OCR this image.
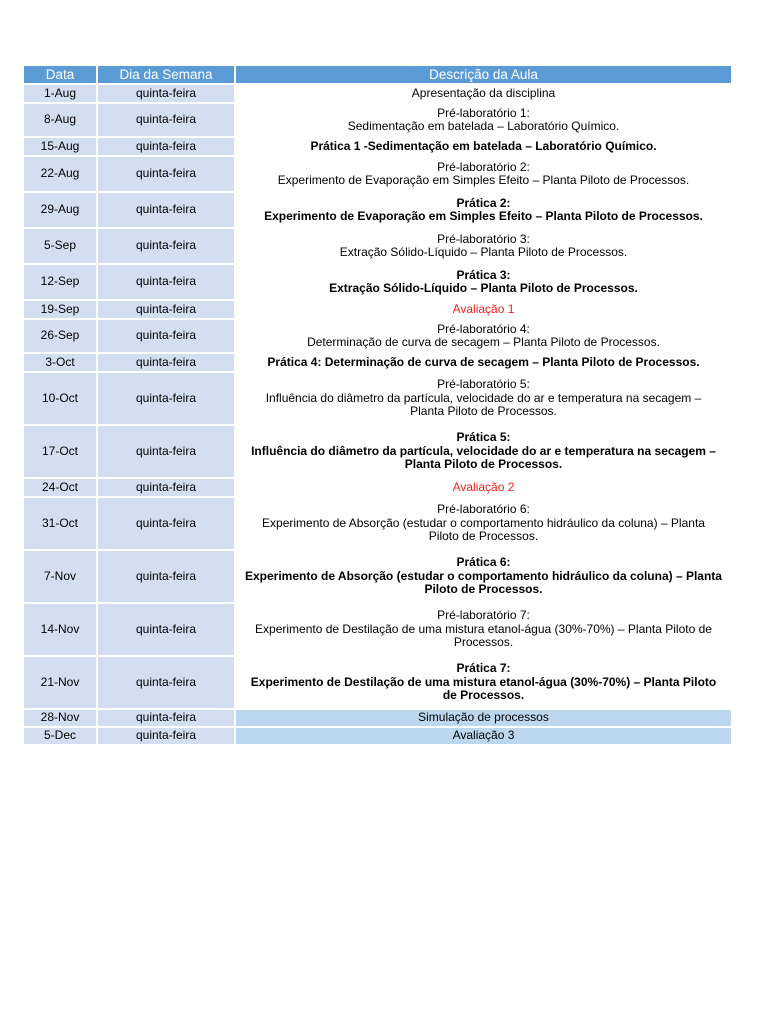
Data	Dia da Semana	Descrição da Aula
1-Aug	quinta-feira	Apresentação da disciplina

8-Aug	quinta-feira	Pré-laboratório 1:
Sedimentação em batelada – Laboratório Químico.

15-Aug	quinta-feira	Prática 1 -Sedimentação em batelada – Laboratório Químico.

22-Aug	quinta-feira	Pré-laboratório 2:
Experimento de Evaporação em Simples Efeito – Planta Piloto de Processos.

29-Aug	quinta-feira	Prática 2:
Experimento de Evaporação em Simples Efeito – Planta Piloto de Processos.

5-Sep	quinta-feira	Pré-laboratório 3:
Extração Sólido-Líquido – Planta Piloto de Processos.

12-Sep	quinta-feira	Prática 3:
Extração Sólido-Líquido – Planta Piloto de Processos.

19-Sep	quinta-feira	Avaliação 1

26-Sep	quinta-feira	Pré-laboratório 4:
Determinação de curva de secagem – Planta Piloto de Processos.

3-Oct	quinta-feira	Prática 4: Determinação de curva de secagem – Planta Piloto de Processos.

10-Oct	quinta-feira	Pré-laboratório 5:
Influência do diâmetro da partícula, velocidade do ar e temperatura na secagem –
Planta Piloto de Processos.

17-Oct	quinta-feira	Prática 5:
Influência do diâmetro da partícula, velocidade do ar e temperatura na secagem –
Planta Piloto de Processos.

24-Oct	quinta-feira	Avaliação 2

31-Oct	quinta-feira	Pré-laboratório 6:
Experimento de Absorção (estudar o comportamento hidráulico da coluna) – Planta
Piloto de Processos.

7-Nov	quinta-feira	Prática 6:
Experimento de Absorção (estudar o comportamento hidráulico da coluna) – Planta
Piloto de Processos.

14-Nov	quinta-feira	Pré-laboratório 7:
Experimento de Destilação de uma mistura etanol-água (30%-70%) – Planta Piloto de
Processos.

21-Nov	quinta-feira	Prática 7:
Experimento de Destilação de uma mistura etanol-água (30%-70%) – Planta Piloto
de Processos.

28-Nov	quinta-feira	Simulação de processos

5-Dec	quinta-feira	Avaliação 3
